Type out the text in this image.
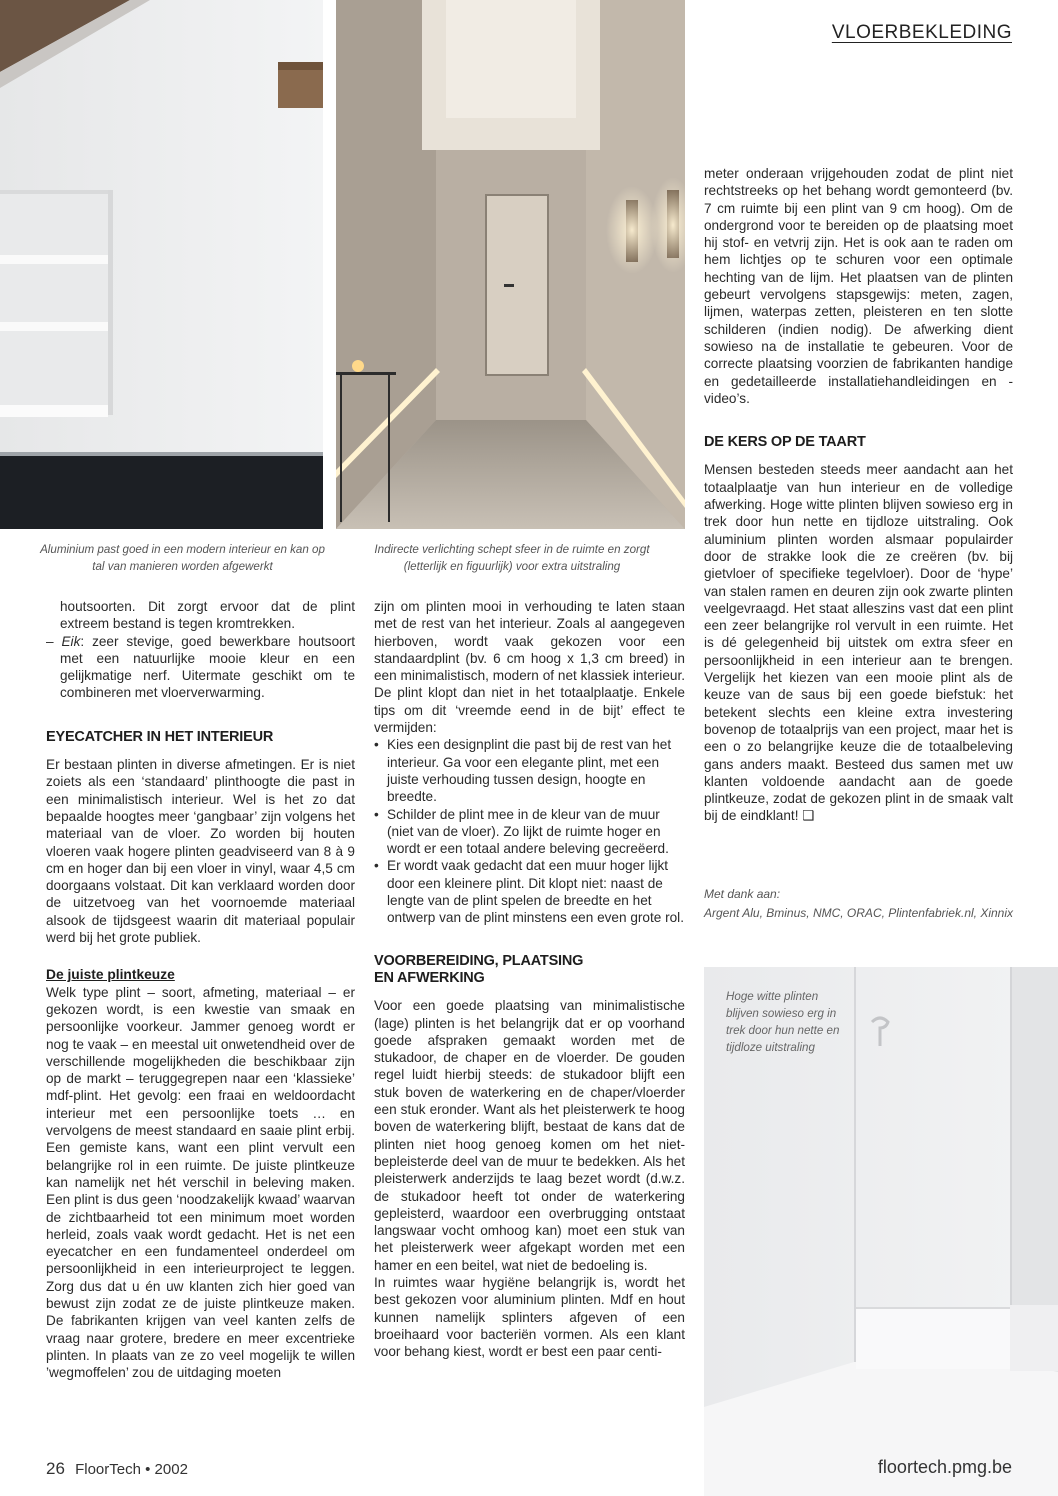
VLOERBEKLEDING
Aluminium past goed in een modern interieur en kan op tal van manieren worden afgewerkt
Indirecte verlichting schept sfeer in de ruimte en zorgt (letterlijk en figuurlijk) voor extra uitstraling

houtsoorten. Dit zorgt ervoor dat de plint extreem bestand is tegen kromtrekken.

– Eik: zeer stevige, goed bewerkbare houtsoort met een natuurlijke mooie kleur en een gelijkmatige nerf. Uitermate geschikt om te combineren met vloerverwarming.

EYECATCHER IN HET INTERIEUR

Er bestaan plinten in diverse afmetingen. Er is niet zoiets als een ‘standaard’ plinthoogte die past in een minimalistisch interieur. Wel is het zo dat bepaalde hoogtes meer ‘gangbaar’ zijn volgens het materiaal van de vloer. Zo worden bij houten vloeren vaak hogere plinten geadviseerd van 8 à 9 cm en hoger dan bij een vloer in vinyl, waar 4,5 cm doorgaans volstaat. Dit kan verklaard worden door de uitzetvoeg van het voornoemde materiaal alsook de tijdsgeest waarin dit materiaal populair werd bij het grote publiek.

De juiste plintkeuze

Welk type plint – soort, afmeting, materiaal – er gekozen wordt, is een kwestie van smaak en persoonlijke voorkeur. Jammer genoeg wordt er nog te vaak – en meestal uit onwetendheid over de verschillende mogelijkheden die beschikbaar zijn op de markt – teruggegrepen naar een ‘klassieke’ mdf-plint. Het gevolg: een fraai en weldoordacht interieur met een persoonlijke toets … en vervolgens de meest standaard en saaie plint erbij. Een gemiste kans, want een plint vervult een belangrijke rol in een ruimte. De juiste plintkeuze kan namelijk net hét verschil in beleving maken. Een plint is dus geen ‘noodzakelijk kwaad’ waarvan de zichtbaarheid tot een minimum moet worden herleid, zoals vaak wordt gedacht. Het is net een eyecatcher en een fundamenteel onderdeel om persoonlijkheid in een interieurproject te leggen. Zorg dus dat u én uw klanten zich hier goed van bewust zijn zodat ze de juiste plintkeuze maken. De fabrikanten krijgen van veel kanten zelfs de vraag naar grotere, bredere en meer excentrieke plinten. In plaats van ze zo veel mogelijk te willen ’wegmoffelen’ zou de uitdaging moeten

zijn om plinten mooi in verhouding te laten staan met de rest van het interieur. Zoals al aangegeven hierboven, wordt vaak gekozen voor een standaardplint (bv. 6 cm hoog x 1,3 cm breed) in een minimalistisch, modern of net klassiek interieur. De plint klopt dan niet in het totaalplaatje. Enkele tips om dit ‘vreemde eend in de bijt’ effect te vermijden:

• Kies een designplint die past bij de rest van het interieur. Ga voor een elegante plint, met een juiste verhouding tussen design, hoogte en breedte.
• Schilder de plint mee in de kleur van de muur (niet van de vloer). Zo lijkt de ruimte hoger en wordt er een totaal andere beleving gecreëerd.
• Er wordt vaak gedacht dat een muur hoger lijkt door een kleinere plint. Dit klopt niet: naast de lengte van de plint spelen de breedte en het ontwerp van de plint minstens een even grote rol.
VOORBEREIDING, PLAATSING
EN AFWERKING

Voor een goede plaatsing van minimalistische (lage) plinten is het belangrijk dat er op voorhand goede afspraken gemaakt worden met de stukadoor, de chaper en de vloerder. De gouden regel luidt hierbij steeds: de stukadoor blijft een stuk boven de waterkering en de chaper/vloerder een stuk eronder. Want als het pleisterwerk te hoog boven de waterkering blijft, bestaat de kans dat de plinten niet hoog genoeg komen om het niet-bepleisterde deel van de muur te bedekken. Als het pleisterwerk anderzijds te laag bezet wordt (d.w.z. de stukadoor heeft tot onder de waterkering gepleisterd, waardoor een overbrugging ontstaat langswaar vocht omhoog kan) moet een stuk van het pleisterwerk weer afgekapt worden met een hamer en een beitel, wat niet de bedoeling is.

In ruimtes waar hygiëne belangrijk is, wordt het best gekozen voor aluminium plinten. Mdf en hout kunnen namelijk splinters afgeven of een broeihaard voor bacteriën vormen. Als een klant voor behang kiest, wordt er best een paar centi-

meter onderaan vrijgehouden zodat de plint niet rechtstreeks op het behang wordt gemonteerd (bv. 7 cm ruimte bij een plint van 9 cm hoog). Om de ondergrond voor te bereiden op de plaatsing moet hij stof- en vetvrij zijn. Het is ook aan te raden om hem lichtjes op te schuren voor een optimale hechting van de lijm. Het plaatsen van de plinten gebeurt vervolgens stapsgewijs: meten, zagen, lijmen, waterpas zetten, pleisteren en ten slotte schilderen (indien nodig). De afwerking dient sowieso na de installatie te gebeuren. Voor de correcte plaatsing voorzien de fabrikanten handige en gedetailleerde installatiehandleidingen en -video’s.

DE KERS OP DE TAART

Mensen besteden steeds meer aandacht aan het totaalplaatje van hun interieur en de volledige afwerking. Hoge witte plinten blijven sowieso erg in trek door hun nette en tijdloze uitstraling. Ook aluminium plinten worden alsmaar populairder door de strakke look die ze creëren (bv. bij gietvloer of specifieke tegelvloer). Door de ‘hype’ van stalen ramen en deuren zijn ook zwarte plinten veelgevraagd. Het staat alleszins vast dat een plint een zeer belangrijke rol vervult in een ruimte. Het is dé gelegenheid bij uitstek om extra sfeer en persoonlijkheid in een interieur aan te brengen. Vergelijk het kiezen van een mooie plint als de keuze van de saus bij een goede biefstuk: het betekent slechts een kleine extra investering bovenop de totaalprijs van een project, maar het is een o zo belangrijke keuze die de totaalbeleving gans anders maakt. Besteed dus samen met uw klanten voldoende aandacht aan de goede plintkeuze, zodat de gekozen plint in de smaak valt bij de eindklant! ❑

Met dank aan:
Argent Alu, Bminus, NMC, ORAC, Plintenfabriek.nl, Xinnix
Hoge witte plinten blijven sowieso erg in trek door hun nette en tijdloze uitstraling
26 FloorTech • 2002	floortech.pmg.be
